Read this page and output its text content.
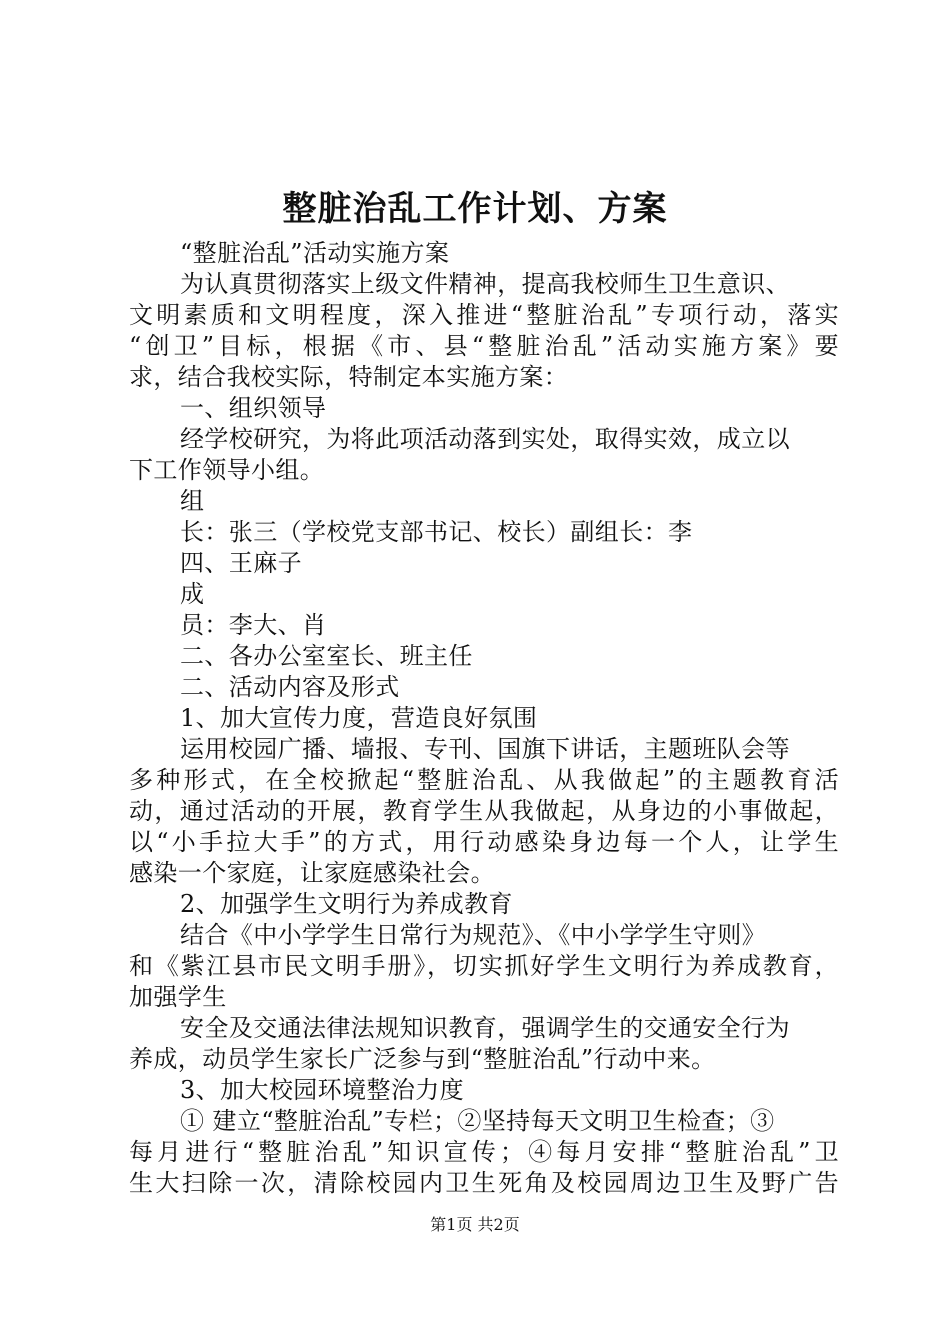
整脏治乱工作计划、方案
“整脏治乱”活动实施方案
为认真贯彻落实上级文件精神，提高我校师生卫生意识、
文明素质和文明程度，深入推进“整脏治乱”专项行动，落实
“创卫”目标，根据《市、县“整脏治乱”活动实施方案》要
求，结合我校实际，特制定本实施方案：
一、组织领导
经学校研究，为将此项活动落到实处，取得实效，成立以
下工作领导小组。
组
长：张三（学校党支部书记、校长）副组长：李
四、王麻子
成
员：李大、肖
二、各办公室室长、班主任
二、活动内容及形式
1、加大宣传力度，营造良好氛围
运用校园广播、墙报、专刊、国旗下讲话，主题班队会等
多种形式，在全校掀起“整脏治乱、从我做起”的主题教育活
动，通过活动的开展，教育学生从我做起，从身边的小事做起，
以“小手拉大手”的方式，用行动感染身边每一个人，让学生
感染一个家庭，让家庭感染社会。
2、加强学生文明行为养成教育
结合《中小学学生日常行为规范》、《中小学学生守则》
和《紫江县市民文明手册》，切实抓好学生文明行为养成教育，
加强学生
安全及交通法律法规知识教育，强调学生的交通安全行为
养成，动员学生家长广泛参与到“整脏治乱”行动中来。
3、加大校园环境整治力度
① 建立“整脏治乱”专栏；②坚持每天文明卫生检查；③
每月进行“整脏治乱”知识宣传；④每月安排“整脏治乱”卫
生大扫除一次，清除校园内卫生死角及校园周边卫生及野广告
第1页 共2页
